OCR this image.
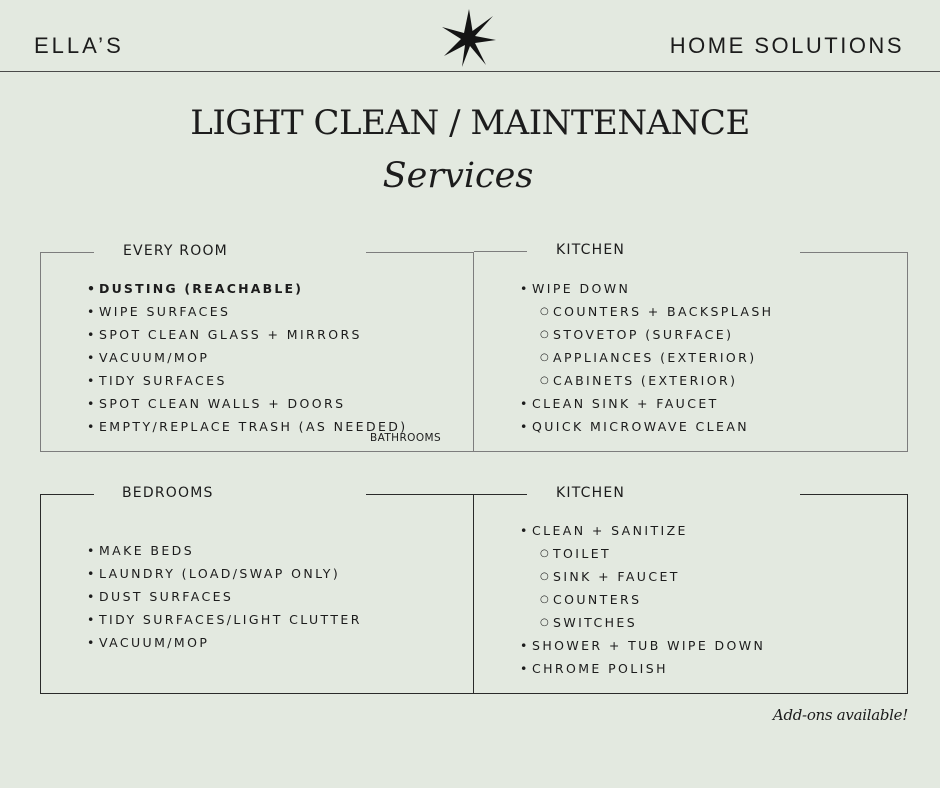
ELLA’S	HOME SOLUTIONS
LIGHT CLEAN / MAINTENANCE
Services
EVERY ROOM
• DUSTING (REACHABLE)
• WIPE SURFACES
• SPOT CLEAN GLASS + MIRRORS
• VACUUM/MOP
• TIDY SURFACES
• SPOT CLEAN WALLS + DOORS
• EMPTY/REPLACE TRASH (AS NEEDED)
BATHROOMS
KITCHEN
• WIPE DOWN
○ COUNTERS + BACKSPLASH
○ STOVETOP (SURFACE)
○ APPLIANCES (EXTERIOR)
○ CABINETS (EXTERIOR)
• CLEAN SINK + FAUCET
• QUICK MICROWAVE CLEAN
BEDROOMS
• MAKE BEDS
• LAUNDRY (LOAD/SWAP ONLY)
• DUST SURFACES
• TIDY SURFACES/LIGHT CLUTTER
• VACUUM/MOP
KITCHEN
• CLEAN + SANITIZE
○ TOILET
○ SINK + FAUCET
○ COUNTERS
○ SWITCHES
• SHOWER + TUB WIPE DOWN
• CHROME POLISH
Add-ons available!
